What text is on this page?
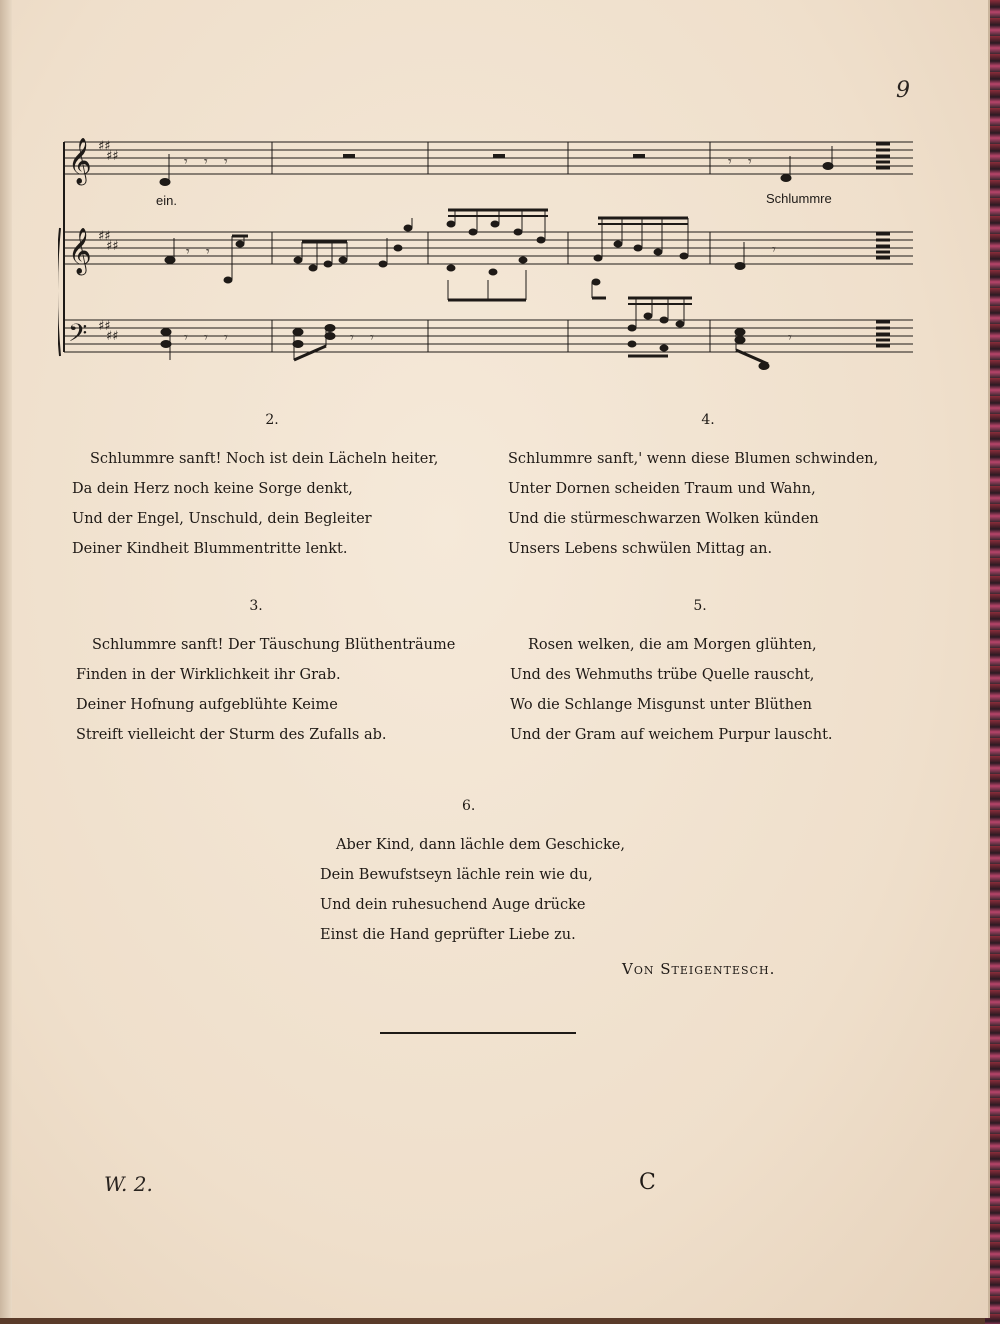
9
𝄞
𝄞
𝄢
♯♯
♯♯
♯♯
♯♯
♯♯
♯♯
𝄾 𝄾 𝄾	𝄾 𝄾
𝄾 𝄾	𝄾
𝄾 𝄾 𝄾	𝄾 𝄾	𝄾
ein.	Schlummre
2.
Schlummre sanft! Noch ist dein Lächeln heiter,
Da dein Herz noch keine Sorge denkt,
Und der Engel, Unschuld, dein Begleiter
Deiner Kindheit Blummentritte lenkt.
4.
Schlummre sanft,' wenn diese Blumen schwinden,
Unter Dornen scheiden Traum und Wahn,
Und die stürmeschwarzen Wolken künden
Unsers Lebens schwülen Mittag an.
3.
Schlummre sanft! Der Täuschung Blüthenträume
Finden in der Wirklichkeit ihr Grab.
Deiner Hofnung aufgeblühte Keime
Streift vielleicht der Sturm des Zufalls ab.
5.
Rosen welken, die am Morgen glühten,
Und des Wehmuths trübe Quelle rauscht,
Wo die Schlange Misgunst unter Blüthen
Und der Gram auf weichem Purpur lauscht.
6.
Aber Kind, dann lächle dem Geschicke,
Dein Bewufstseyn lächle rein wie du,
Und dein ruhesuchend Auge drücke
Einst die Hand geprüfter Liebe zu.
Von Steigentesch.
W. 2.	C
